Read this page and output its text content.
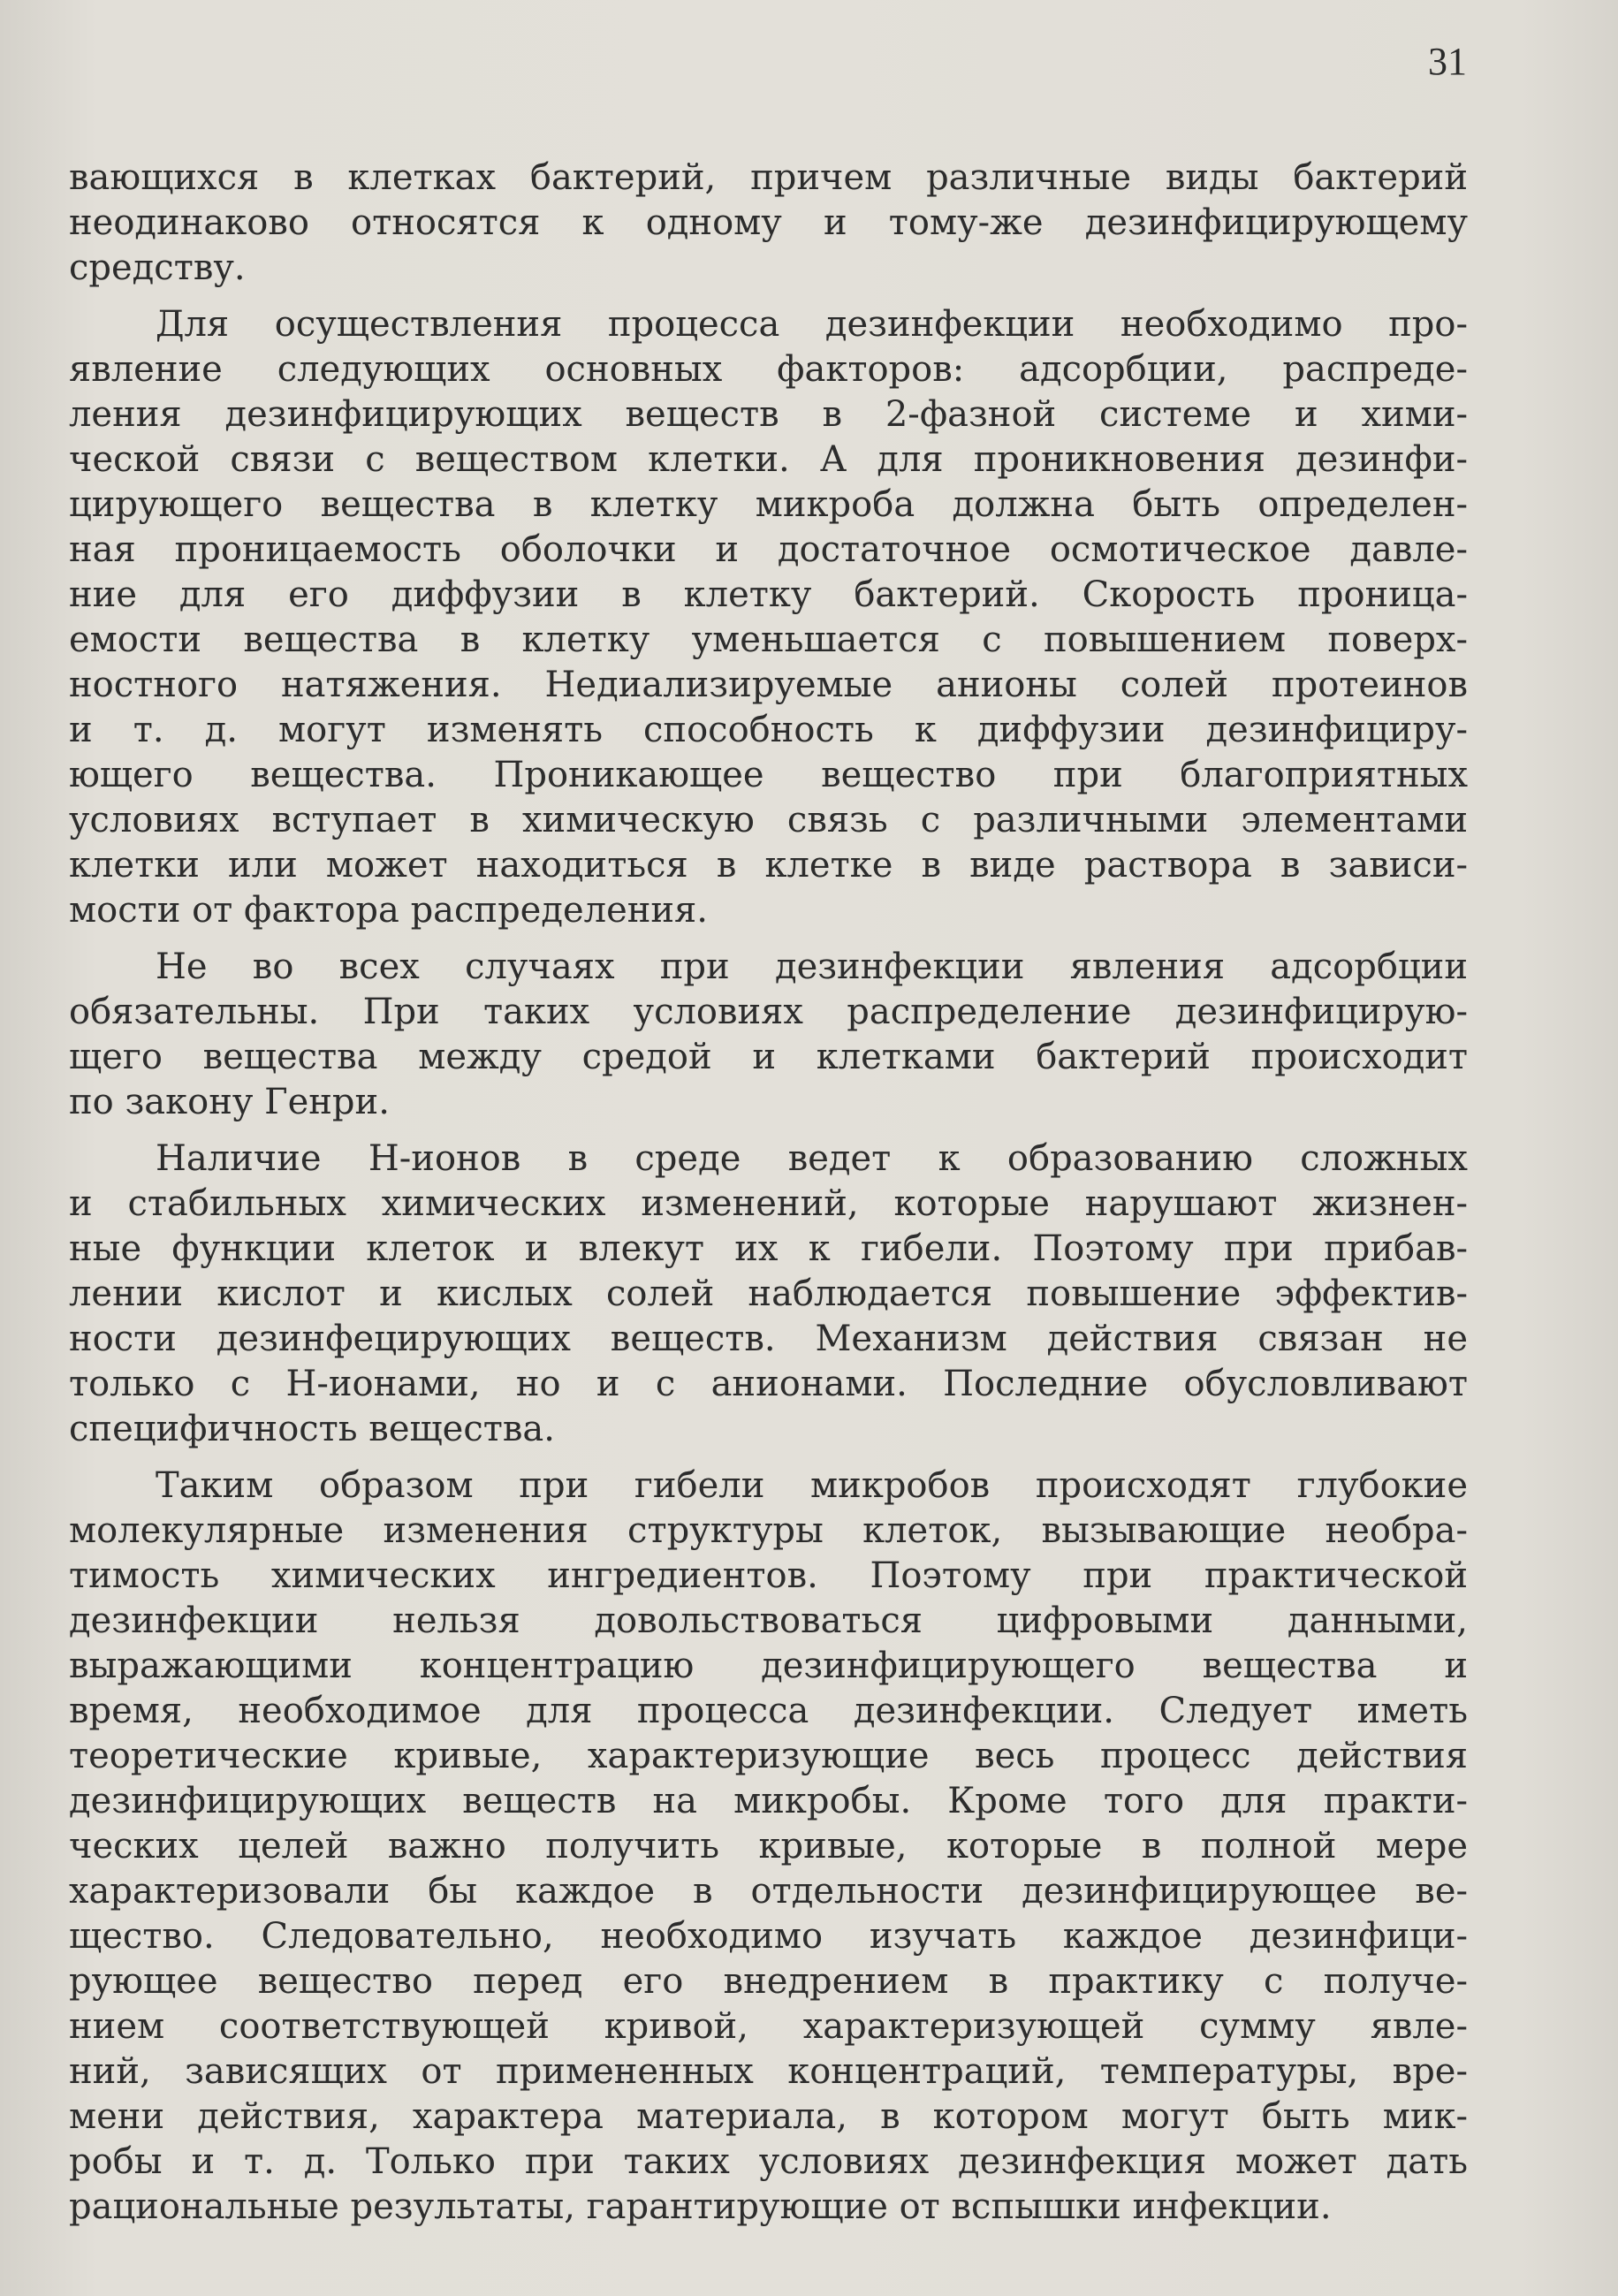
31
вающихся в клетках бактерий, причем различные виды бактерий
неодинаково относятся к одному и тому-же дезинфицирующему
средству.
Для осуществления процесса дезинфекции необходимо про-
явление следующих основных факторов: адсорбции, распреде-
ления дезинфицирующих веществ в 2-фазной системе и хими-
ческой связи с веществом клетки. А для проникновения дезинфи-
цирующего вещества в клетку микроба должна быть определен-
ная проницаемость оболочки и достаточное осмотическое давле-
ние для его диффузии в клетку бактерий. Скорость проница-
емости вещества в клетку уменьшается с повышением поверх-
ностного натяжения. Недиализируемые анионы солей протеинов
и т. д. могут изменять способность к диффузии дезинфициру-
ющего вещества. Проникающее вещество при благоприятных
условиях вступает в химическую связь с различными элементами
клетки или может находиться в клетке в виде раствора в зависи-
мости от фактора распределения.
Не во всех случаях при дезинфекции явления адсорбции
обязательны. При таких условиях распределение дезинфицирую-
щего вещества между средой и клетками бактерий происходит
по закону Генри.
Наличие Н-ионов в среде ведет к образованию сложных
и стабильных химических изменений, которые нарушают жизнен-
ные функции клеток и влекут их к гибели. Поэтому при прибав-
лении кислот и кислых солей наблюдается повышение эффектив-
ности дезинфецирующих веществ. Механизм действия связан не
только с Н-ионами, но и с анионами. Последние обусловливают
специфичность вещества.
Таким образом при гибели микробов происходят глубокие
молекулярные изменения структуры клеток, вызывающие необра-
тимость химических ингредиентов. Поэтому при практической
дезинфекции нельзя довольствоваться цифровыми данными,
выражающими концентрацию дезинфицирующего вещества и
время, необходимое для процесса дезинфекции. Следует иметь
теоретические кривые, характеризующие весь процесс действия
дезинфицирующих веществ на микробы. Кроме того для практи-
ческих целей важно получить кривые, которые в полной мере
характеризовали бы каждое в отдельности дезинфицирующее ве-
щество. Следовательно, необходимо изучать каждое дезинфици-
рующее вещество перед его внедрением в практику с получе-
нием соответствующей кривой, характеризующей сумму явле-
ний, зависящих от примененных концентраций, температуры, вре-
мени действия, характера материала, в котором могут быть мик-
робы и т. д. Только при таких условиях дезинфекция может дать
рациональные результаты, гарантирующие от вспышки инфекции.
